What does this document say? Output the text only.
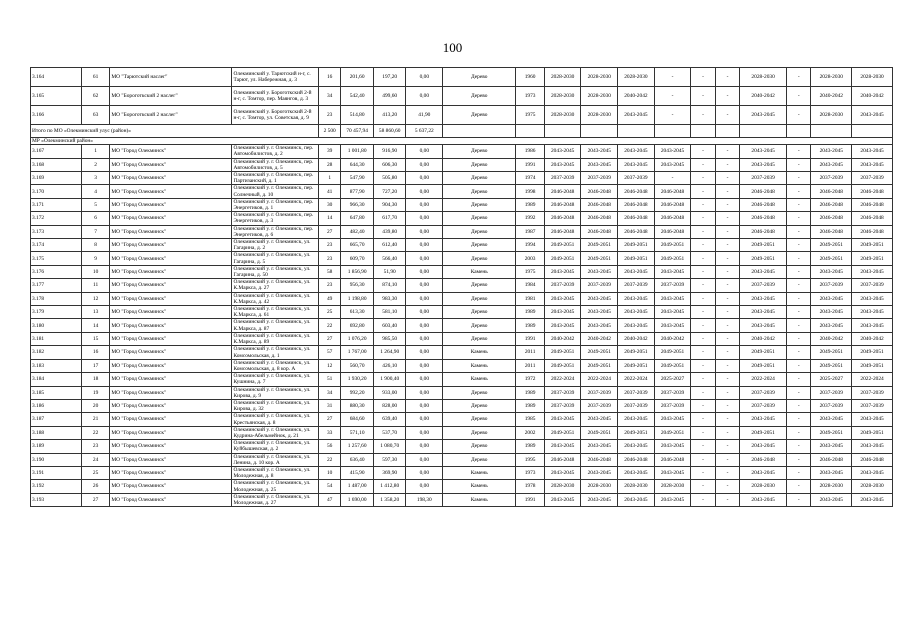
100
3.164	61	МО "Тарютский наслег"	Олекминский у. Тарютский н-г, с. Тарют, ул. Набережная, д. 3	16	201,60	197,20	0,00	Дерево	1960	2028-2030	2028-2030	2028-2030	-	-	-	2028-2030	-	2028-2030	2028-2030
3.165	62	МО "Бороготкский 2 наслег"	Олекминский у. Бороготкский 2-й н-г, с. Томтор, пер. Маянгов, д. 3	34	542,40	499,60	0,00	Дерево	1973	2028-2030	2028-2030	2040-2042	-	-	-	2040-2042	-	2040-2042	2040-2042
3.166	63	МО "Бороготкский 2 наслег"	Олекминский у. Бороготкский 2-й н-г, с. Томтор, ул. Советская, д. 9	23	514,80	413,20	41,90	Дерево	1975	2028-2030	2028-2030	2043-2045	-	-	-	2043-2045	-	2028-2030	2043-2045
Итого по МО «Олекминский улус (район)»				2 500	70 457,94	58 860,60	5 637,22												
МР «Олекминский район»																			
3.167	1	МО "Город Олекминск"	Олекминский у. г. Олекминск, пер. Автомобилистов, д. 2	39	1 001,80	916,90	0,00	Дерево	1986	2043-2045	2043-2045	2043-2045	2043-2045	-	-	2043-2045	-	2043-2045	2043-2045
3.168	2	МО "Город Олекминск"	Олекминский у. г. Олекминск, пер. Автомобилистов, д. 5	28	644,30	606,30	0,00	Дерево	1991	2043-2045	2043-2045	2043-2045	2043-2045	-	-	2043-2045	-	2043-2045	2043-2045
3.169	3	МО "Город Олекминск"	Олекминский у. г. Олекминск, пер. Партизанский, д. 1	1	547,90	505,80	0,00	Дерево	1974	2037-2039	2037-2039	2037-2039	-	-	-	2037-2039	-	2037-2039	2037-2039
3.170	4	МО "Город Олекминск"	Олекминский у. г. Олекминск, пер. Солнечный, д. 10	41	877,90	727,20	0,00	Дерево	1998	2046-2048	2046-2048	2046-2048	2046-2048	-	-	2046-2048	-	2046-2048	2046-2048
3.171	5	МО "Город Олекминск"	Олекминский у. г. Олекминск, пер. Энергетиков, д. 1	30	966,30	904,30	0,00	Дерево	1989	2046-2048	2046-2048	2046-2048	2046-2048	-	-	2046-2048	-	2046-2048	2046-2048
3.172	6	МО "Город Олекминск"	Олекминский у. г. Олекминск, пер. Энергетиков, д. 3	14	647,80	617,70	0,00	Дерево	1992	2046-2048	2046-2048	2046-2048	2046-2048	-	-	2046-2048	-	2046-2048	2046-2048
3.173	7	МО "Город Олекминск"	Олекминский у. г. Олекминск, пер. Энергетиков, д. 6	27	482,40	439,80	0,00	Дерево	1987	2046-2048	2046-2048	2046-2048	2046-2048	-	-	2046-2048	-	2046-2048	2046-2048
3.174	8	МО "Город Олекминск"	Олекминский у. г. Олекминск, ул. Гагарина, д. 2	23	665,70	612,40	0,00	Дерево	1994	2049-2051	2049-2051	2049-2051	2049-2051	-	-	2049-2051	-	2049-2051	2049-2051
3.175	9	МО "Город Олекминск"	Олекминский у. г. Олекминск, ул. Гагарина, д. 5	23	609,70	566,40	0,00	Дерево	2003	2049-2051	2049-2051	2049-2051	2049-2051	-	-	2049-2051	-	2049-2051	2049-2051
3.176	10	МО "Город Олекминск"	Олекминский у. г. Олекминск, ул. Гагарина, д. 50	58	1 856,90	51,90	0,00	Камень	1975	2043-2045	2043-2045	2043-2045	2043-2045	-	-	2043-2045	-	2043-2045	2043-2045
3.177	11	МО "Город Олекминск"	Олекминский у. г. Олекминск, ул. К.Маркса, д. 27	23	956,30	874,10	0,00	Дерево	1984	2037-2039	2037-2039	2037-2039	2037-2039	-	-	2037-2039	-	2037-2039	2037-2039
3.178	12	МО "Город Олекминск"	Олекминский у. г. Олекминск, ул. К.Маркса, д. 42	49	1 198,80	983,30	0,00	Дерево	1981	2043-2045	2043-2045	2043-2045	2043-2045	-	-	2043-2045	-	2043-2045	2043-2045
3.179	13	МО "Город Олекминск"	Олекминский у. г. Олекминск, ул. К.Маркса, д. 61	25	613,30	581,10	0,00	Дерево	1989	2043-2045	2043-2045	2043-2045	2043-2045	-	-	2043-2045	-	2043-2045	2043-2045
3.180	14	МО "Город Олекминск"	Олекминский у. г. Олекминск, ул. К.Маркса, д. 87	22	692,80	603,40	0,00	Дерево	1989	2043-2045	2043-2045	2043-2045	2043-2045	-	-	2043-2045	-	2043-2045	2043-2045
3.181	15	МО "Город Олекминск"	Олекминский у. г. Олекминск, ул. К.Маркса, д. 89	27	1 076,20	985,50	0,00	Дерево	1991	2040-2042	2040-2042	2040-2042	2040-2042	-	-	2040-2042	-	2040-2042	2040-2042
3.182	16	МО "Город Олекминск"	Олекминский у. г. Олекминск, ул. Комсомольская, д. 1	57	1 767,00	1 264,90	0,00	Камень	2011	2049-2051	2049-2051	2049-2051	2049-2051	-	-	2049-2051	-	2049-2051	2049-2051
3.183	17	МО "Город Олекминск"	Олекминский у. г. Олекминск, ул. Комсомольская, д. 8 кор. А	12	560,70	426,10	0,00	Камень	2011	2049-2051	2049-2051	2049-2051	2049-2051	-	-	2049-2051	-	2049-2051	2049-2051
3.184	18	МО "Город Олекминск"	Олекминский у. г. Олекминск, ул. Кушнина, д. 7	51	1 930,20	1 900,40	0,00	Камень	1972	2022-2024	2022-2024	2022-2024	2025-2027	-	-	2022-2024	-	2025-2027	2022-2024
3.185	19	МО "Город Олекминск"	Олекминский у. г. Олекминск, ул. Кирова, д. 9	34	992,20	933,00	0,00	Дерево	1989	2037-2039	2037-2039	2037-2039	2037-2039	-	-	2037-2039	-	2037-2039	2037-2039
3.186	20	МО "Город Олекминск"	Олекминский у. г. Олекминск, ул. Кирова, д. 32	31	880,30	828,00	0,00	Дерево	1989	2037-2039	2037-2039	2037-2039	2037-2039	-	-	2037-2039	-	2037-2039	2037-2039
3.187	21	МО "Город Олекминск"	Олекминский у. г. Олекминск, ул. Крестьянская, д. 8	27	684,60	639,40	0,00	Дерево	1985	2043-2045	2043-2045	2043-2045	2043-2045	-	-	2043-2045	-	2043-2045	2043-2045
3.188	22	МО "Город Олекминск"	Олекминский у. г. Олекминск, ул. Кудрина-Абельмейнок, д. 21	33	571,10	537,70	0,00	Дерево	2002	2049-2051	2049-2051	2049-2051	2049-2051	-	-	2049-2051	-	2049-2051	2049-2051
3.189	23	МО "Город Олекминск"	Олекминский у. г. Олекминск, ул. Куйбышевская, д. 2	56	1 257,60	1 080,70	0,00	Дерево	1989	2043-2045	2043-2045	2043-2045	2043-2045	-	-	2043-2045	-	2043-2045	2043-2045
3.190	24	МО "Город Олекминск"	Олекминский у. г. Олекминск, ул. Ленина, д. 10 кор. А	22	636,40	597,30	0,00	Дерево	1995	2046-2048	2046-2048	2046-2048	2046-2048	-	-	2046-2048	-	2046-2048	2046-2048
3.191	25	МО "Город Олекминск"	Олекминский у. г. Олекминск, ул. Молодежная, д. 8	10	415,90	369,90	0,00	Камень	1973	2043-2045	2043-2045	2043-2045	2043-2045	-	-	2043-2045	-	2043-2045	2043-2045
3.192	26	МО "Город Олекминск"	Олекминский у. г. Олекминск, ул. Молодежная, д. 25	54	1 487,00	1 412,80	0,00	Камень	1978	2028-2030	2028-2030	2028-2030	2028-2030	-	-	2028-2030	-	2028-2030	2028-2030
3.193	27	МО "Город Олекминск"	Олекминский у. г. Олекминск, ул. Молодежная, д. 27	47	1 690,00	1 358,20	198,30	Камень	1991	2043-2045	2043-2045	2043-2045	2043-2045	-	-	2043-2045	-	2043-2045	2043-2045
